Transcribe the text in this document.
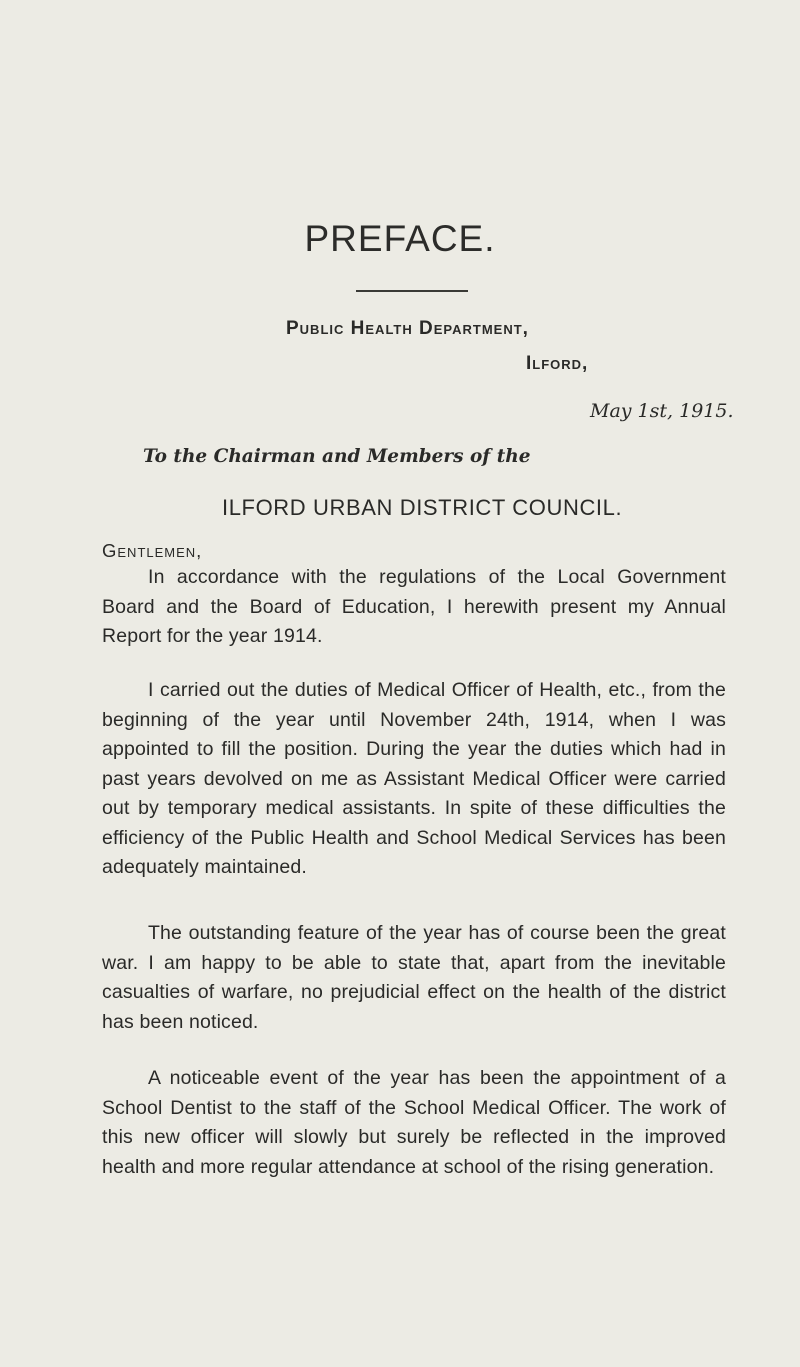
PREFACE.

Public Health Department,

Ilford,

May 1st, 1915.

To the Chairman and Members of the

ILFORD URBAN DISTRICT COUNCIL.

Gentlemen,

In accordance with the regulations of the Local Government Board and the Board of Education, I herewith present my Annual Report for the year 1914.

I carried out the duties of Medical Officer of Health, etc., from the beginning of the year until November 24th, 1914, when I was appointed to fill the position. During the year the duties which had in past years devolved on me as Assistant Medical Officer were carried out by temporary medical assistants. In spite of these difficulties the efficiency of the Public Health and School Medical Services has been adequately maintained.

The outstanding feature of the year has of course been the great war. I am happy to be able to state that, apart from the inevitable casualties of warfare, no prejudicial effect on the health of the district has been noticed.

A noticeable event of the year has been the appointment of a School Dentist to the staff of the School Medical Officer. The work of this new officer will slowly but surely be reflected in the improved health and more regular attendance at school of the rising generation.
